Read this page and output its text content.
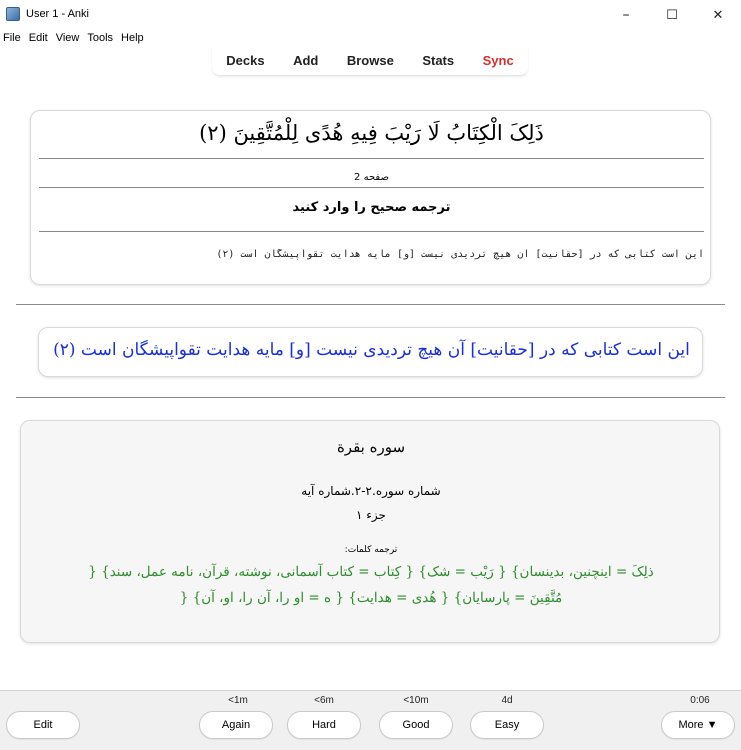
User 1 - Anki	–	☐	✕
File Edit View Tools Help
Decks Add Browse Stats Sync
ذَلِکَ الْکِتَابُ لَا رَیْبَ فِیهِ هُدًی لِلْمُتَّقِینَ (۲)
صفحه 2
ترجمه صحیح را وارد کنید
این است کتابی که در [حقانیت] آن هیچ تردیدی نیست [و] مایه هدایت تقواپیشگان است (۲)
این است کتابی که در [حقانیت] آن هیچ تردیدی نیست [و] مایه هدایت تقواپیشگان است (۲)
سوره بقرة
شماره سوره.۲-۲.شماره آیه
جزء ۱
ترجمه کلمات:
ذلِکَ = اینچنین، بدینسان} { رَیْب = شک} { کِتاب = کتاب آسمانی، نوشته، قرآن، نامه عمل، سند} {
مُتَّقِینَ = پارسایان} { هُدی = هدایت} { ه = او را، آن را، او، آن} {
<1m	<6m	<10m	4d	0:06
Edit	Again	Hard	Good	Easy	More ▼
